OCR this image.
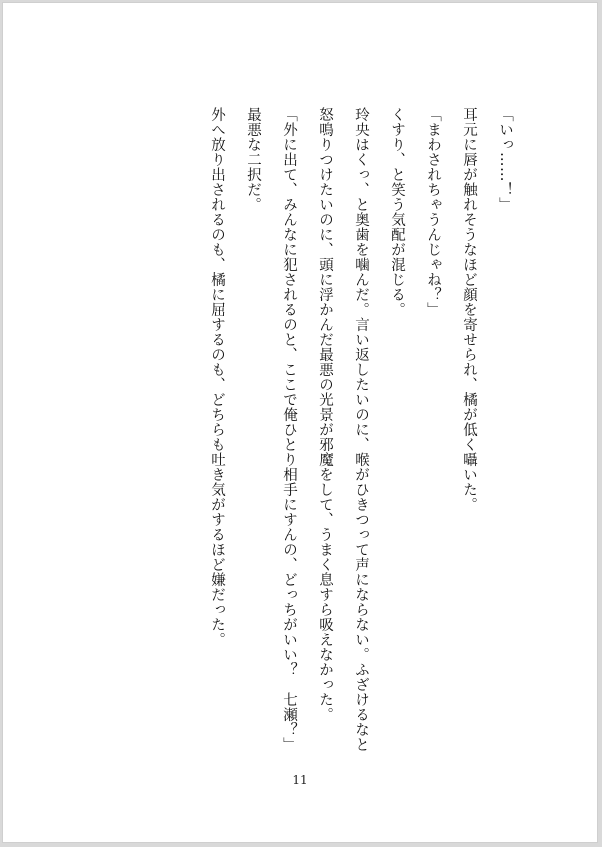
「いっ……！」

耳元に唇が触れそうなほど顔を寄せられ、橘が低く囁いた。

「まわされちゃうんじゃね？」

くすり、と笑う気配が混じる。

玲央はくっ、と奥歯を噛んだ。言い返したいのに、喉がひきつって声にならない。ふざけるなと怒鳴りつけたいのに、頭に浮かんだ最悪の光景が邪魔をして、うまく息すら吸えなかった。

「外に出て、みんなに犯されるのと、ここで俺ひとり相手にすんの、どっちがいい？　七瀬？」

最悪な二択だ。

外へ放り出されるのも、橘に屈するのも、どちらも吐き気がするほど嫌だった。

11
